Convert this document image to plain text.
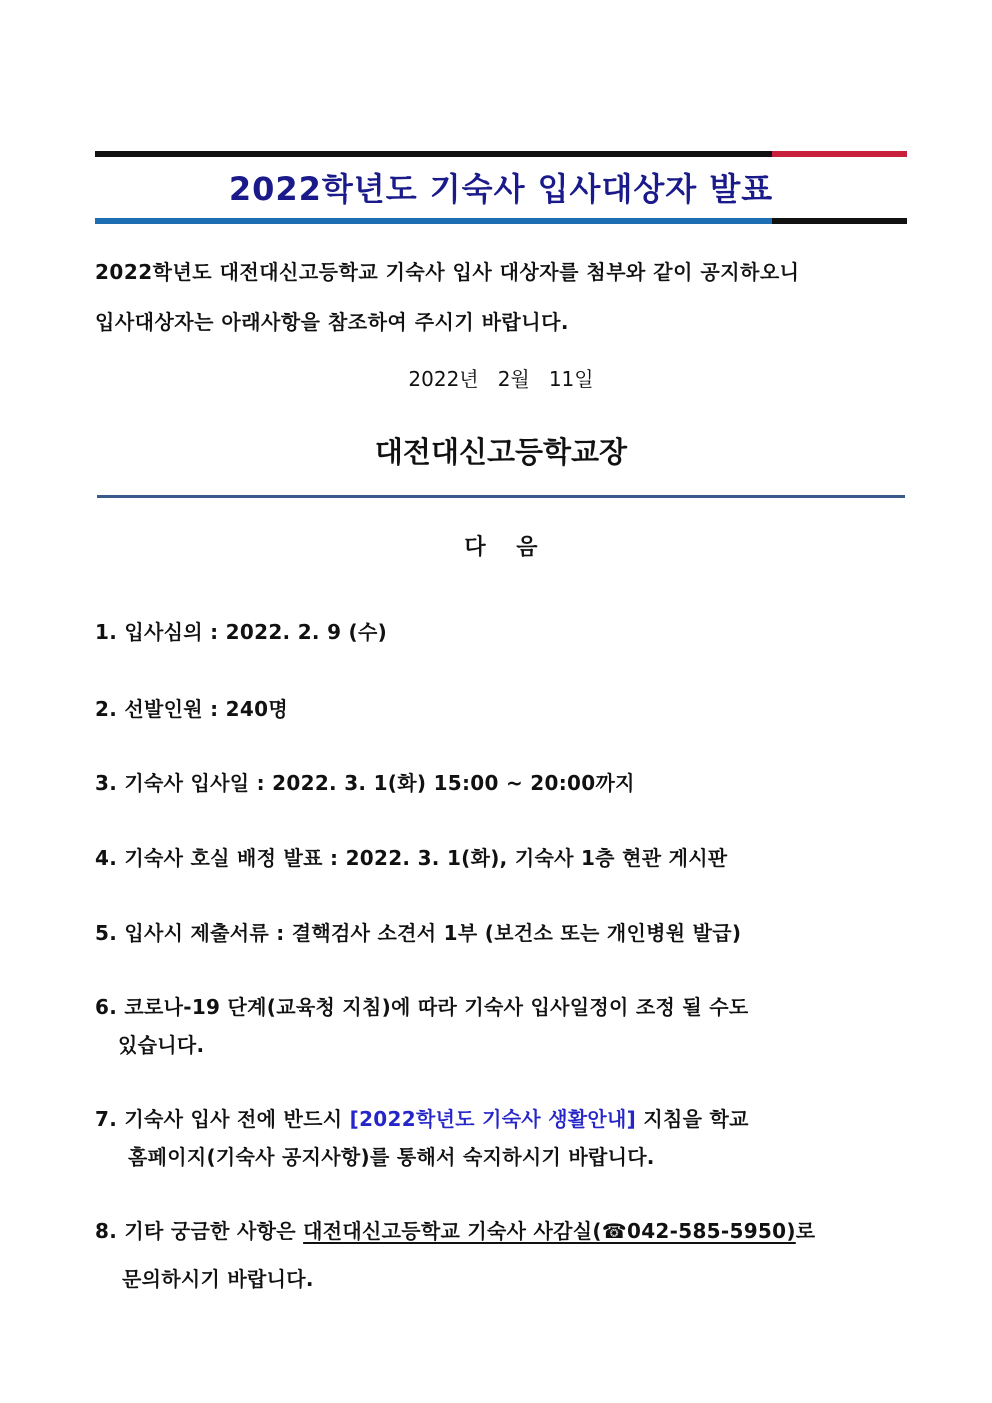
2022학년도 기숙사 입사대상자 발표
2022학년도 대전대신고등학교 기숙사 입사 대상자를 첨부와 같이 공지하오니
입사대상자는 아래사항을 참조하여 주시기 바랍니다.
2022년   2월   11일
대전대신고등학교장
다    음
1. 입사심의 : 2022. 2. 9 (수)
2. 선발인원 : 240명
3. 기숙사 입사일 : 2022. 3. 1(화) 15:00 ~ 20:00까지
4. 기숙사 호실 배정 발표 : 2022. 3. 1(화), 기숙사 1층 현관 게시판
5. 입사시 제출서류 : 결핵검사 소견서 1부 (보건소 또는 개인병원 발급)
6. 코로나-19 단계(교육청 지침)에 따라 기숙사 입사일정이 조정 될 수도
있습니다.
7. 기숙사 입사 전에 반드시 [2022학년도 기숙사 생활안내] 지침을 학교
홈페이지(기숙사 공지사항)를 통해서 숙지하시기 바랍니다.
8. 기타 궁금한 사항은 대전대신고등학교 기숙사 사감실(☎042-585-5950)로
문의하시기 바랍니다.
